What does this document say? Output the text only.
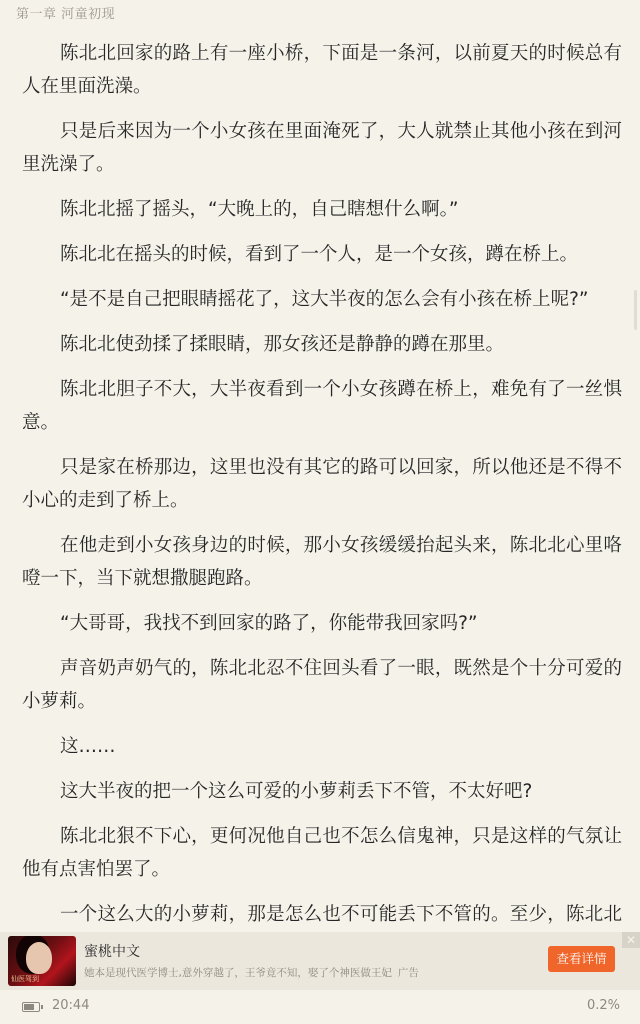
第一章 河童初现

陈北北回家的路上有一座小桥，下面是一条河，以前夏天的时候总有人在里面洗澡。

只是后来因为一个小女孩在里面淹死了，大人就禁止其他小孩在到河里洗澡了。

陈北北摇了摇头，“大晚上的，自己瞎想什么啊。”

陈北北在摇头的时候，看到了一个人，是一个女孩，蹲在桥上。

“是不是自己把眼睛摇花了，这大半夜的怎么会有小孩在桥上呢?”

陈北北使劲揉了揉眼睛，那女孩还是静静的蹲在那里。

陈北北胆子不大，大半夜看到一个小女孩蹲在桥上，难免有了一丝惧意。

只是家在桥那边，这里也没有其它的路可以回家，所以他还是不得不小心的走到了桥上。

在他走到小女孩身边的时候，那小女孩缓缓抬起头来，陈北北心里咯噔一下，当下就想撒腿跑路。

“大哥哥，我找不到回家的路了，你能带我回家吗?”

声音奶声奶气的，陈北北忍不住回头看了一眼，既然是个十分可爱的小萝莉。

这……

这大半夜的把一个这么可爱的小萝莉丢下不管，不太好吧?

陈北北狠不下心，更何况他自己也不怎么信鬼神，只是这样的气氛让他有点害怕罢了。

一个这么大的小萝莉，那是怎么也不可能丢下不管的。至少，陈北北

仙医驾到
蜜桃中文
她本是现代医学博士,意外穿越了，王爷竟不知，娶了个神医做王妃 广告
查看详情
✕
20:44	0.2%
